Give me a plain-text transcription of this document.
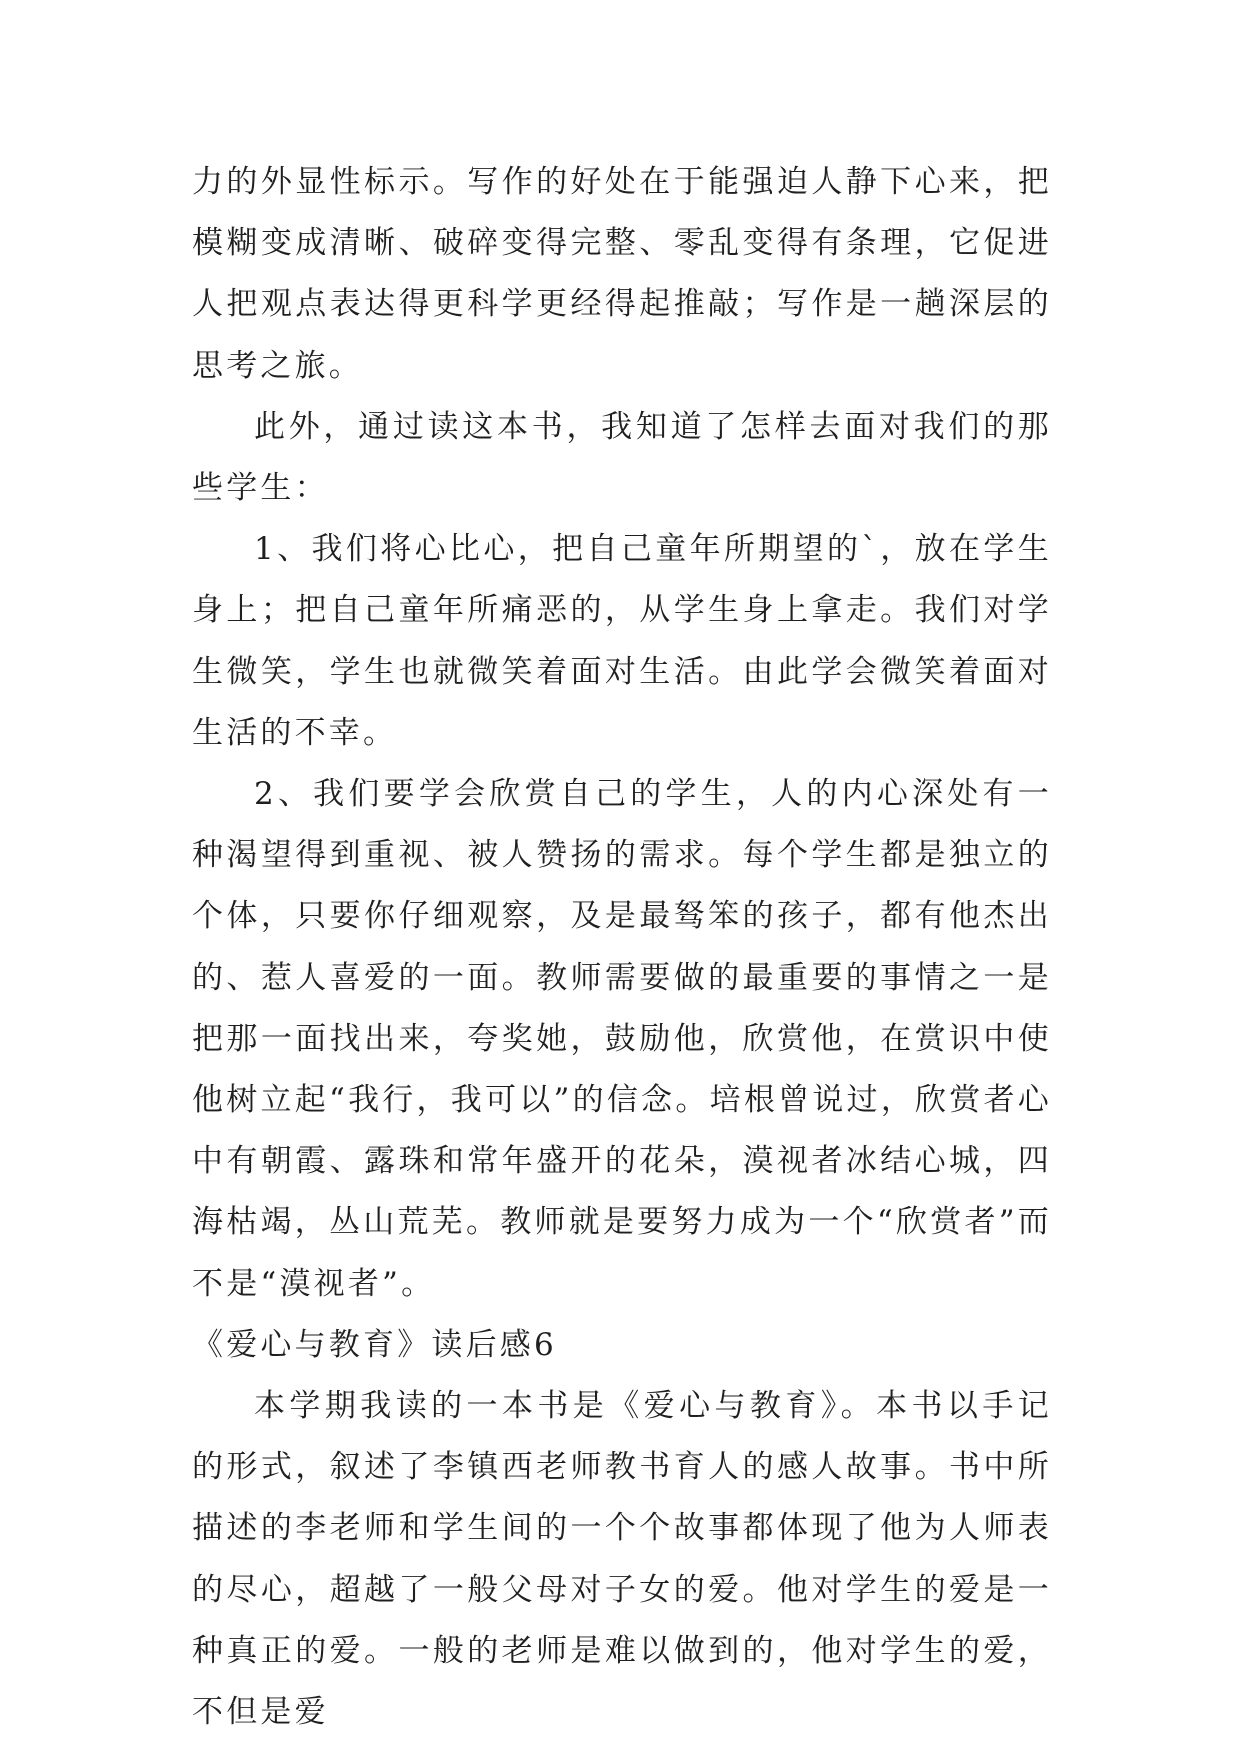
力的外显性标示。写作的好处在于能强迫人静下心来，把模糊变成清晰、破碎变得完整、零乱变得有条理，它促进人把观点表达得更科学更经得起推敲；写作是一趟深层的思考之旅。

此外，通过读这本书，我知道了怎样去面对我们的那些学生：

1、我们将心比心，把自己童年所期望的`，放在学生身上；把自己童年所痛恶的，从学生身上拿走。我们对学生微笑，学生也就微笑着面对生活。由此学会微笑着面对生活的不幸。

2、我们要学会欣赏自己的学生，人的内心深处有一种渴望得到重视、被人赞扬的需求。每个学生都是独立的个体，只要你仔细观察，及是最驽笨的孩子，都有他杰出的、惹人喜爱的一面。教师需要做的最重要的事情之一是把那一面找出来，夸奖她，鼓励他，欣赏他，在赏识中使他树立起“我行，我可以”的信念。培根曾说过，欣赏者心中有朝霞、露珠和常年盛开的花朵，漠视者冰结心城，四海枯竭，丛山荒芜。教师就是要努力成为一个“欣赏者”而不是“漠视者”。

《爱心与教育》读后感6

本学期我读的一本书是《爱心与教育》。本书以手记的形式，叙述了李镇西老师教书育人的感人故事。书中所描述的李老师和学生间的一个个故事都体现了他为人师表的尽心，超越了一般父母对子女的爱。他对学生的爱是一种真正的爱。一般的老师是难以做到的，他对学生的爱，不但是爱
